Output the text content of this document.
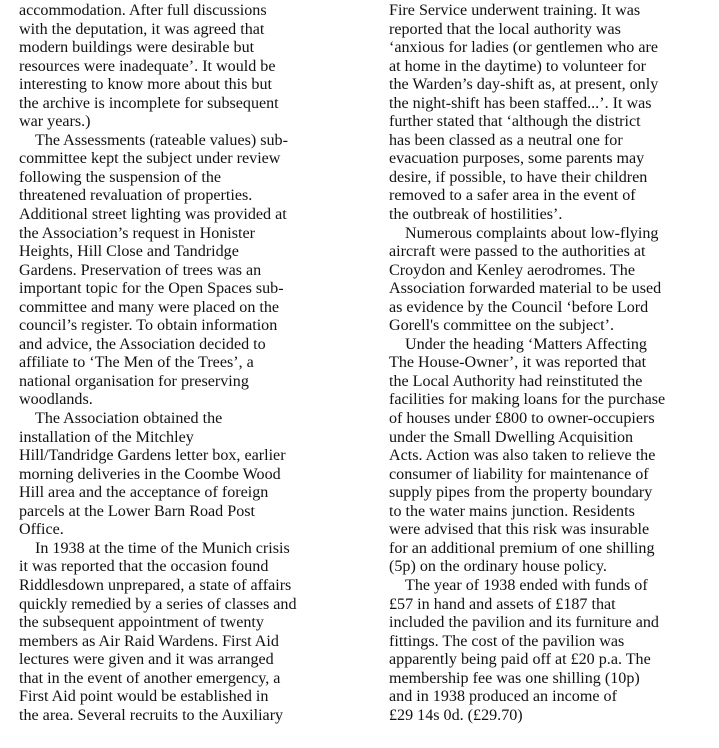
accommodation. After full discussions
with the deputation, it was agreed that
modern buildings were desirable but
resources were inadequate’. It would be
interesting to know more about this but
the archive is incomplete for subsequent
war years.)
The Assessments (rateable values) sub-
committee kept the subject under review
following the suspension of the
threatened revaluation of properties.
Additional street lighting was provided at
the Association’s request in Honister
Heights, Hill Close and Tandridge
Gardens. Preservation of trees was an
important topic for the Open Spaces sub-
committee and many were placed on the
council’s register. To obtain information
and advice, the Association decided to
affiliate to ‘The Men of the Trees’, a
national organisation for preserving
woodlands.
The Association obtained the
installation of the Mitchley
Hill/Tandridge Gardens letter box, earlier
morning deliveries in the Coombe Wood
Hill area and the acceptance of foreign
parcels at the Lower Barn Road Post
Office.
In 1938 at the time of the Munich crisis
it was reported that the occasion found
Riddlesdown unprepared, a state of affairs
quickly remedied by a series of classes and
the subsequent appointment of twenty
members as Air Raid Wardens. First Aid
lectures were given and it was arranged
that in the event of another emergency, a
First Aid point would be established in
the area. Several recruits to the Auxiliary
Fire Service underwent training. It was
reported that the local authority was
‘anxious for ladies (or gentlemen who are
at home in the daytime) to volunteer for
the Warden’s day-shift as, at present, only
the night-shift has been staffed...’. It was
further stated that ‘although the district
has been classed as a neutral one for
evacuation purposes, some parents may
desire, if possible, to have their children
removed to a safer area in the event of
the outbreak of hostilities’.
Numerous complaints about low-flying
aircraft were passed to the authorities at
Croydon and Kenley aerodromes. The
Association forwarded material to be used
as evidence by the Council ‘before Lord
Gorell's committee on the subject’.
Under the heading ‘Matters Affecting
The House-Owner’, it was reported that
the Local Authority had reinstituted the
facilities for making loans for the purchase
of houses under £800 to owner-occupiers
under the Small Dwelling Acquisition
Acts. Action was also taken to relieve the
consumer of liability for maintenance of
supply pipes from the property boundary
to the water mains junction. Residents
were advised that this risk was insurable
for an additional premium of one shilling
(5p) on the ordinary house policy.
The year of 1938 ended with funds of
£57 in hand and assets of £187 that
included the pavilion and its furniture and
fittings. The cost of the pavilion was
apparently being paid off at £20 p.a. The
membership fee was one shilling (10p)
and in 1938 produced an income of
£29 14s 0d. (£29.70)
